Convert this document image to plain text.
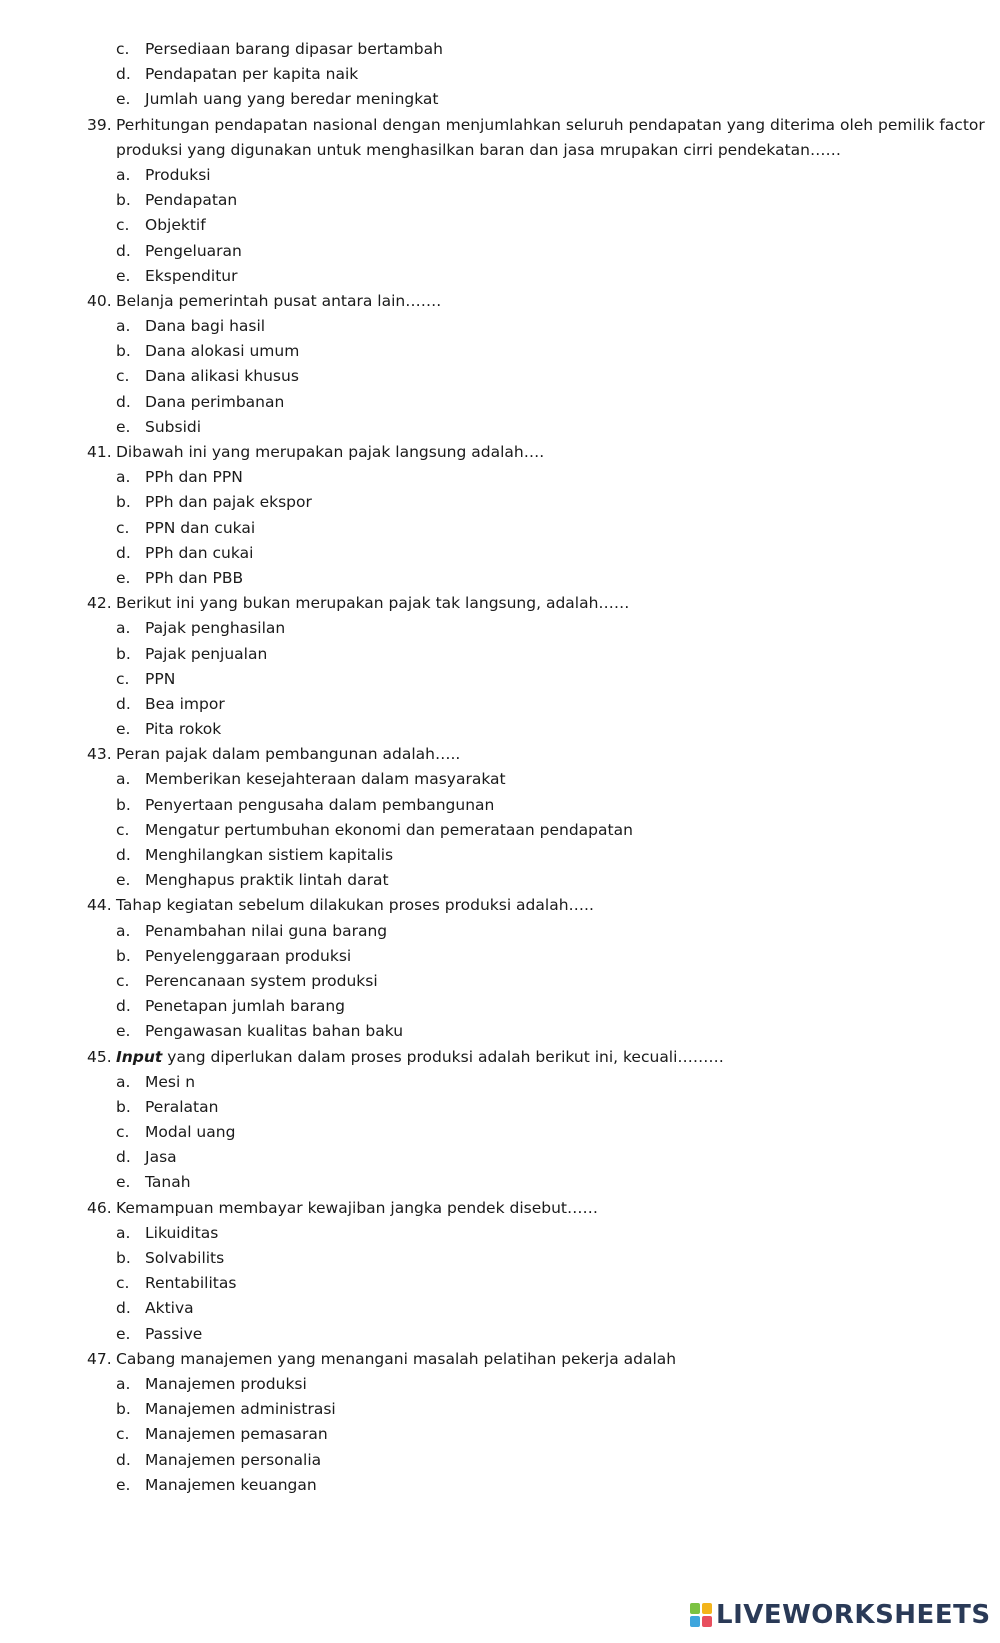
c. Persediaan barang dipasar bertambah
d. Pendapatan per kapita naik
e. Jumlah uang yang beredar meningkat
39. Perhitungan pendapatan nasional dengan menjumlahkan seluruh pendapatan yang diterima oleh pemilik factor
produksi yang digunakan untuk menghasilkan baran dan jasa mrupakan cirri pendekatan……
a. Produksi
b. Pendapatan
c. Objektif
d. Pengeluaran
e. Ekspenditur
40. Belanja pemerintah pusat antara lain…….
a. Dana bagi hasil
b. Dana alokasi umum
c. Dana alikasi khusus
d. Dana perimbanan
e. Subsidi
41. Dibawah ini yang merupakan pajak langsung adalah….
a. PPh dan PPN
b. PPh dan pajak ekspor
c. PPN dan cukai
d. PPh dan cukai
e. PPh dan PBB
42. Berikut ini yang bukan merupakan pajak tak langsung, adalah……
a. Pajak penghasilan
b. Pajak penjualan
c. PPN
d. Bea impor
e. Pita rokok
43. Peran pajak dalam pembangunan adalah…..
a. Memberikan kesejahteraan dalam masyarakat
b. Penyertaan pengusaha dalam pembangunan
c. Mengatur pertumbuhan ekonomi dan pemerataan pendapatan
d. Menghilangkan sistiem kapitalis
e. Menghapus praktik lintah darat
44. Tahap kegiatan sebelum dilakukan proses produksi adalah…..
a. Penambahan nilai guna barang
b. Penyelenggaraan produksi
c. Perencanaan system produksi
d. Penetapan jumlah barang
e. Pengawasan kualitas bahan baku
45. Input yang diperlukan dalam proses produksi adalah berikut ini, kecuali………
a. Mesi n
b. Peralatan
c. Modal uang
d. Jasa
e. Tanah
46. Kemampuan membayar kewajiban jangka pendek disebut……
a. Likuiditas
b. Solvabilits
c. Rentabilitas
d. Aktiva
e. Passive
47. Cabang manajemen yang menangani masalah pelatihan pekerja adalah
a. Manajemen produksi
b. Manajemen administrasi
c. Manajemen pemasaran
d. Manajemen personalia
e. Manajemen keuangan
LIVEWORKSHEETS
